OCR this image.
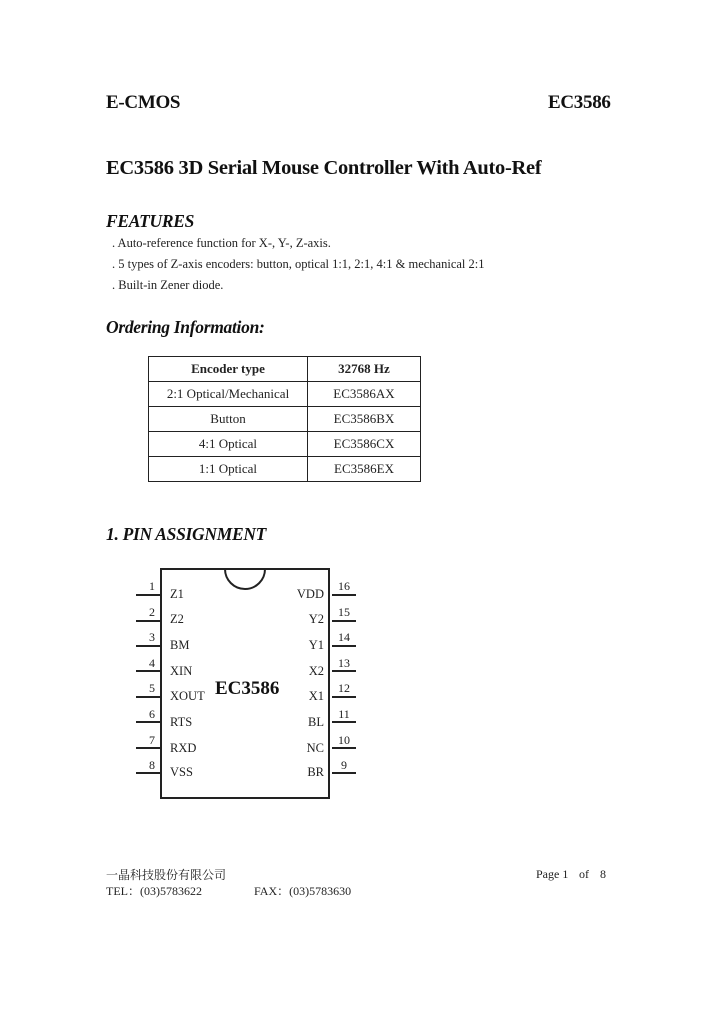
E-CMOS	EC3586
EC3586 3D Serial Mouse Controller With Auto-Ref
FEATURES
. Auto-reference function for X-, Y-, Z-axis.
. 5 types of Z-axis encoders: button, optical 1:1, 2:1, 4:1 & mechanical 2:1
. Built-in Zener diode.
Ordering Information:
Encoder type	32768 Hz
2:1 Optical/Mechanical	EC3586AX
Button	EC3586BX
4:1 Optical	EC3586CX
1:1 Optical	EC3586EX
1. PIN ASSIGNMENT
EC3586
1
Z1
2	Z2
3
BM
4
XIN
5
XOUT
6
RTS
7
RXD
8	VSS
16
VDD
15
Y2
14
Y1
13
X2
12
X1
11
BL
10
NC
9
BR
一晶科技股份有限公司
TEL：(03)5783622	FAX：(03)5783630
Page 1 of 8
